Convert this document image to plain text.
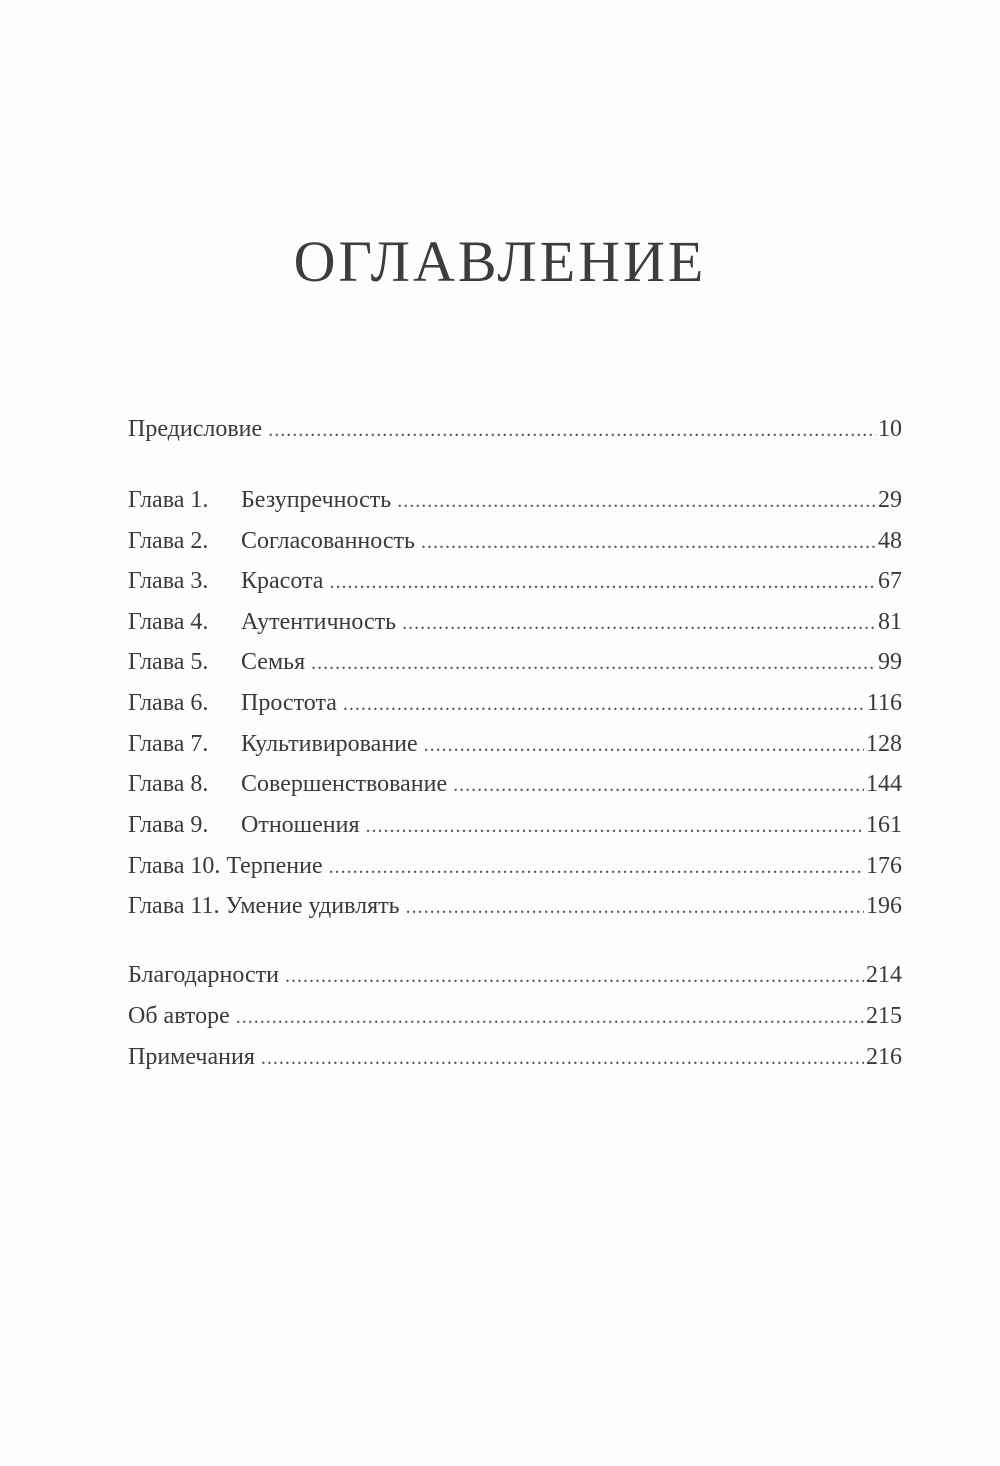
ОГЛАВЛЕНИЕ
Предисловие .....	10
Глава 1.	Безупречность .....	29
Глава 2.	Согласованность .....	48
Глава 3.	Красота .....	67
Глава 4.	Аутентичность .....	81
Глава 5.	Семья .....	99
Глава 6.	Простота .....	116
Глава 7.	Культивирование .....	128
Глава 8.	Совершенствование .....	144
Глава 9.	Отношения .....	161
Глава 10. Терпение .....	176
Глава 11. Умение удивлять .....	196
Благодарности .....	214
Об авторе .....	215
Примечания .....	216
